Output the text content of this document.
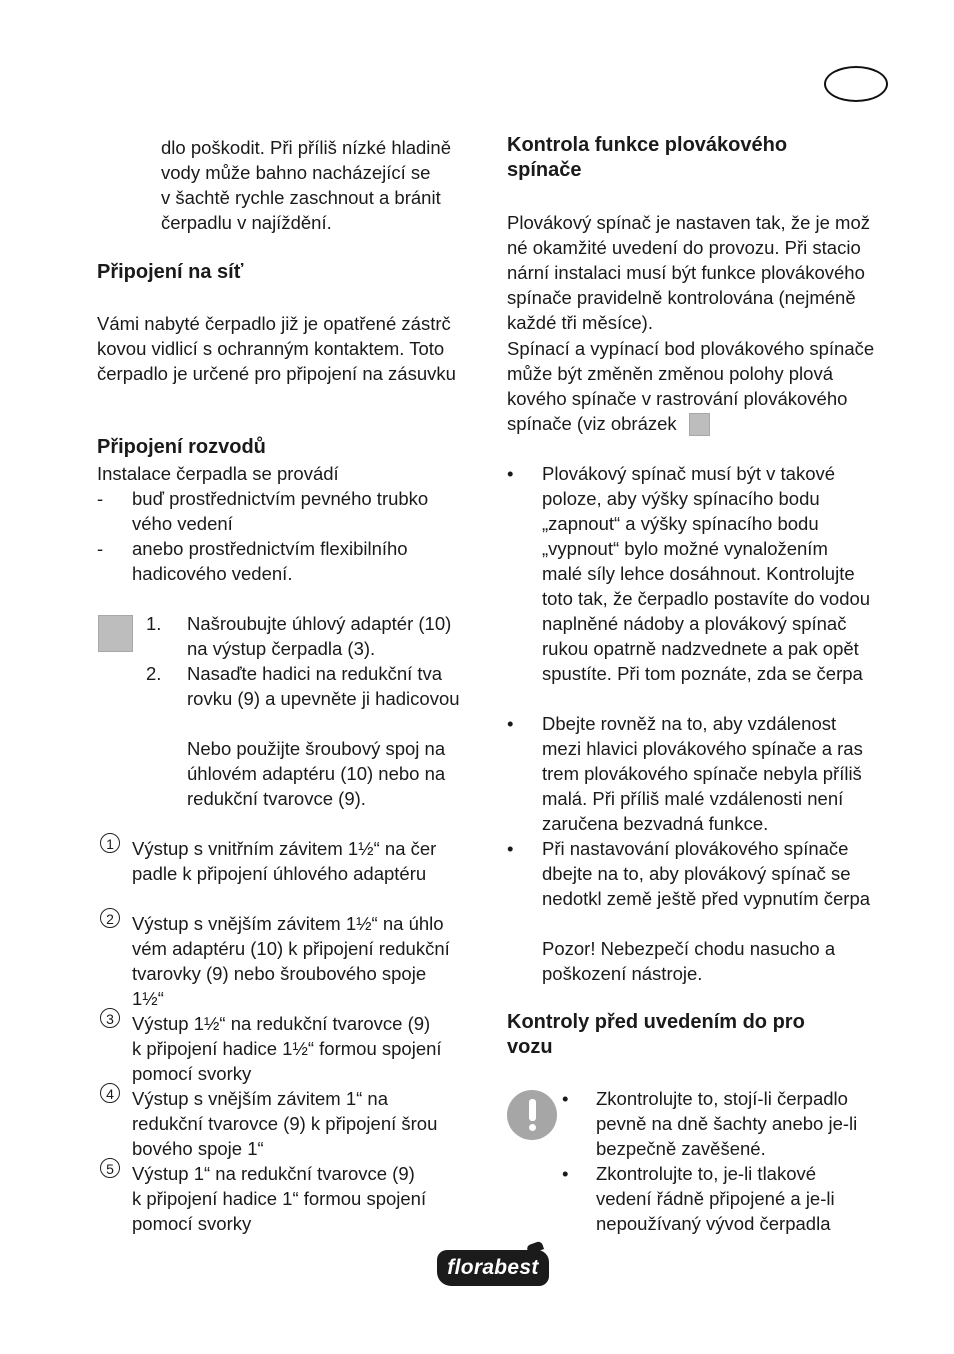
dlo poškodit. Při příliš nízké hladině
vody může bahno nacházející se
v šachtě rychle zaschnout a bránit
čerpadlu v najíždění.
Připojení na síť
Vámi nabyté čerpadlo již je opatřené zástrč
kovou vidlicí s ochranným kontaktem. Toto
čerpadlo je určené pro připojení na zásuvku
Připojení rozvodů
Instalace čerpadla se provádí
- buď prostřednictvím pevného trubko
vého vedení
- anebo prostřednictvím flexibilního
hadicového vedení.
1. Našroubujte úhlový adaptér (10)
na výstup čerpadla (3).
2. Nasaďte hadici na redukční tva
rovku (9) a upevněte ji hadicovou
Nebo použijte šroubový spoj na
úhlovém adaptéru (10) nebo na
redukční tvarovce (9).
1 Výstup s vnitřním závitem 1½“ na čer
padle k připojení úhlového adaptéru
2 Výstup s vnějším závitem 1½“ na úhlo
vém adaptéru (10) k připojení redukční
tvarovky (9) nebo šroubového spoje
1½“
3 Výstup 1½“ na redukční tvarovce (9)
k připojení hadice 1½“ formou spojení
pomocí svorky
4 Výstup s vnějším závitem 1“ na
redukční tvarovce (9) k připojení šrou
bového spoje 1“
5 Výstup 1“ na redukční tvarovce (9)
k připojení hadice 1“ formou spojení
pomocí svorky
Kontrola funkce plovákového
spínače
Plovákový spínač je nastaven tak, že je mož
né okamžité uvedení do provozu. Při stacio
nární instalaci musí být funkce plovákového
spínače pravidelně kontrolována (nejméně
každé tři měsíce).
Spínací a vypínací bod plovákového spínače
může být změněn změnou polohy plová
kového spínače v rastrování plovákového
spínače (viz obrázek
• Plovákový spínač musí být v takové
poloze, aby výšky spínacího bodu
„zapnout“ a výšky spínacího bodu
„vypnout“ bylo možné vynaložením
malé síly lehce dosáhnout. Kontrolujte
toto tak, že čerpadlo postavíte do vodou
naplněné nádoby a plovákový spínač
rukou opatrně nadzvednete a pak opět
spustíte. Při tom poznáte, zda se čerpa
• Dbejte rovněž na to, aby vzdálenost
mezi hlavici plovákového spínače a ras
trem plovákového spínače nebyla příliš
malá. Při příliš malé vzdálenosti není
zaručena bezvadná funkce.
• Při nastavování plovákového spínače
dbejte na to, aby plovákový spínač se
nedotkl země ještě před vypnutím čerpa
Pozor! Nebezpečí chodu nasucho a
poškození nástroje.
Kontroly před uvedením do pro
vozu
• Zkontrolujte to, stojí-li čerpadlo
pevně na dně šachty anebo je-li
bezpečně zavěšené.
• Zkontrolujte to, je-li tlakové
vedení řádně připojené a je-li
nepoužívaný vývod čerpadla
florabest
